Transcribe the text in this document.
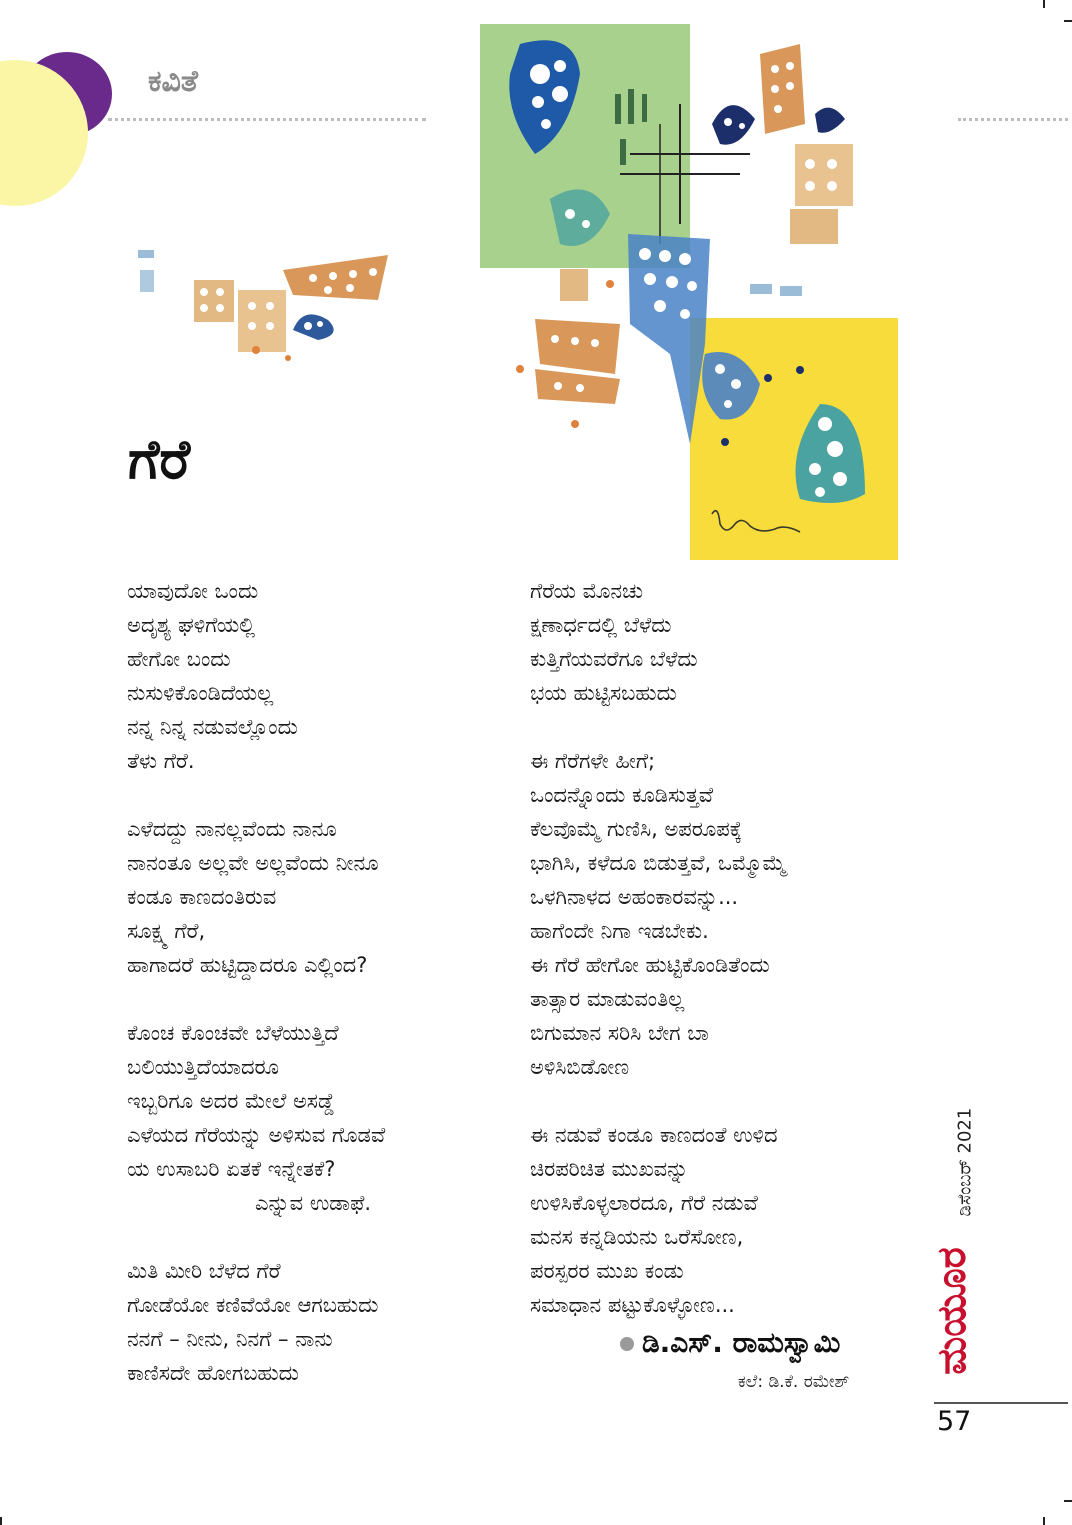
ಕವಿತೆ
ಗೆರೆ
ಯಾವುದೋ ಒಂದು
ಅದೃಶ್ಯ ಘಳಿಗೆಯಲ್ಲಿ
ಹೇಗೋ ಬಂದು
ನುಸುಳಿಕೊಂಡಿದೆಯಲ್ಲ
ನನ್ನ ನಿನ್ನ ನಡುವಲ್ಲೊಂದು
ತೆಳು ಗೆರೆ.
ಎಳೆದದ್ದು ನಾನಲ್ಲವೆಂದು ನಾನೂ
ನಾನಂತೂ ಅಲ್ಲವೇ ಅಲ್ಲವೆಂದು ನೀನೂ
ಕಂಡೂ ಕಾಣದಂತಿರುವ
ಸೂಕ್ಷ್ಮ ಗೆರೆ,
ಹಾಗಾದರೆ ಹುಟ್ಟಿದ್ದಾದರೂ ಎಲ್ಲಿಂದ?
ಕೊಂಚ ಕೊಂಚವೇ ಬೆಳೆಯುತ್ತಿದೆ
ಬಲಿಯುತ್ತಿದೆಯಾದರೂ
ಇಬ್ಬರಿಗೂ ಅದರ ಮೇಲೆ ಅಸಡ್ಡೆ
ಎಳೆಯದ ಗೆರೆಯನ್ನು ಅಳಿಸುವ ಗೊಡವೆ
ಯ ಉಸಾಬರಿ ಏತಕೆ ಇನ್ನೇತಕೆ?
ಎನ್ನುವ ಉಡಾಫೆ.
ಮಿತಿ ಮೀರಿ ಬೆಳೆದ ಗೆರೆ
ಗೋಡೆಯೋ ಕಣಿವೆಯೋ ಆಗಬಹುದು
ನನಗೆ – ನೀನು, ನಿನಗೆ – ನಾನು
ಕಾಣಿಸದೇ ಹೋಗಬಹುದು
ಗೆರೆಯ ಮೊನಚು
ಕ್ಷಣಾರ್ಧದಲ್ಲಿ ಬೆಳೆದು
ಕುತ್ತಿಗೆಯವರೆಗೂ ಬೆಳೆದು
ಭಯ ಹುಟ್ಟಿಸಬಹುದು
ಈ ಗೆರೆಗಳೇ ಹೀಗೆ;
ಒಂದನ್ನೊಂದು ಕೂಡಿಸುತ್ತವೆ
ಕೆಲವೊಮ್ಮೆ ಗುಣಿಸಿ, ಅಪರೂಪಕ್ಕೆ
ಭಾಗಿಸಿ, ಕಳೆದೂ ಬಿಡುತ್ತವೆ, ಒಮ್ಮೊಮ್ಮೆ
ಒಳಗಿನಾಳದ ಅಹಂಕಾರವನ್ನು...
ಹಾಗೆಂದೇ ನಿಗಾ ಇಡಬೇಕು.
ಈ ಗೆರೆ ಹೇಗೋ ಹುಟ್ಟಿಕೊಂಡಿತೆಂದು
ತಾತ್ಸಾರ ಮಾಡುವಂತಿಲ್ಲ
ಬಿಗುಮಾನ ಸರಿಸಿ ಬೇಗ ಬಾ
ಅಳಿಸಿಬಿಡೋಣ
ಈ ನಡುವೆ ಕಂಡೂ ಕಾಣದಂತೆ ಉಳಿದ
ಚಿರಪರಿಚಿತ ಮುಖವನ್ನು
ಉಳಿಸಿಕೊಳ್ಳಲಾರದೂ, ಗೆರೆ ನಡುವೆ
ಮನಸ ಕನ್ನಡಿಯನು ಒರೆಸೋಣ,
ಪರಸ್ಪರರ ಮುಖ ಕಂಡು
ಸಮಾಧಾನ ಪಟ್ಟುಕೊಳ್ಳೋಣ...
ಡಿ.ಎಸ್. ರಾಮಸ್ವಾಮಿ
ಕಲೆ: ಡಿ.ಕೆ. ರಮೇಶ್
ಡಿಸೆಂಬರ್ 2021
ಮಯೂರ
57
